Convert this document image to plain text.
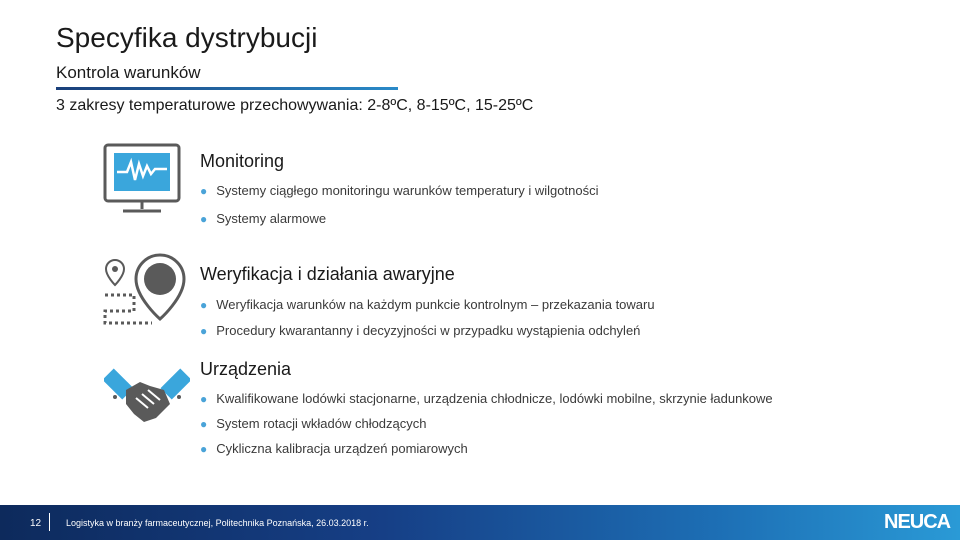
Specyfika dystrybucji
Kontrola warunków
3 zakresy temperaturowe przechowywania: 2-8ºC, 8-15ºC, 15-25ºC
Monitoring
● Systemy ciągłego monitoringu warunków temperatury i wilgotności
● Systemy alarmowe
Weryfikacja i działania awaryjne
● Weryfikacja warunków na każdym punkcie kontrolnym – przekazania towaru
● Procedury kwarantanny i decyzyjności w przypadku wystąpienia odchyleń
Urządzenia
● Kwalifikowane lodówki stacjonarne, urządzenia chłodnicze, lodówki mobilne, skrzynie ładunkowe
● System rotacji wkładów chłodzących
● Cykliczna kalibracja urządzeń pomiarowych
12	Logistyka w branży farmaceutycznej, Politechnika Poznańska, 26.03.2018 r.	NEUCA
